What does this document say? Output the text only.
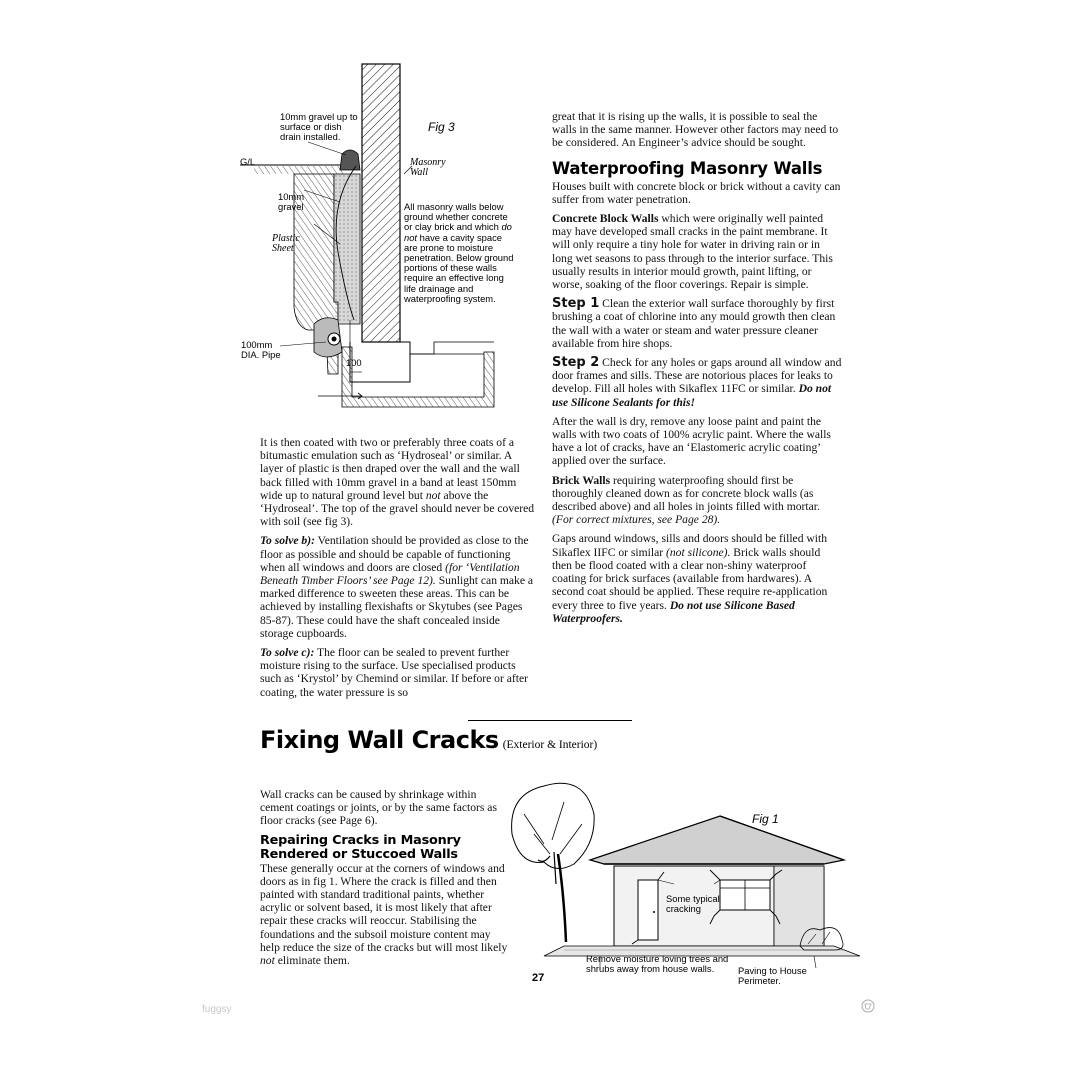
10mm gravel up to surface or dish drain installed.
Fig 3
G/L	Masonry Wall
10mm gravel
Plastic Sheet
100mm DIA. Pipe
100
All masonry walls below ground whether concrete or clay brick and which do not have a cavity space are prone to moisture penetration. Below ground portions of these walls require an effective long life drainage and waterproofing system.

It is then coated with two or preferably three coats of a bitumastic emulation such as ‘Hydroseal’ or similar. A layer of plastic is then draped over the wall and the wall back filled with 10mm gravel in a band at least 150mm wide up to natural ground level but not above the ‘Hydroseal’. The top of the gravel should never be covered with soil (see fig 3).

To solve b): Ventilation should be provided as close to the floor as possible and should be capable of functioning when all windows and doors are closed (for ‘Ventilation Beneath Timber Floors’ see Page 12). Sunlight can make a marked difference to sweeten these areas. This can be achieved by installing flexishafts or Skytubes (see Pages 85-87). These could have the shaft concealed inside storage cupboards.

To solve c): The floor can be sealed to prevent further moisture rising to the surface. Use specialised products such as ‘Krystol’ by Chemind or similar. If before or after coating, the water pressure is so

great that it is rising up the walls, it is possible to seal the walls in the same manner. However other factors may need to be considered. An Engineer’s advice should be sought.

Waterproofing Masonry Walls

Houses built with concrete block or brick without a cavity can suffer from water penetration.

Concrete Block Walls which were originally well painted may have developed small cracks in the paint membrane. It will only require a tiny hole for water in driving rain or in long wet seasons to pass through to the interior surface. This usually results in interior mould growth, paint lifting, or worse, soaking of the floor coverings. Repair is simple.

Step 1 Clean the exterior wall surface thoroughly by first brushing a coat of chlorine into any mould growth then clean the wall with a water or steam and water pressure cleaner available from hire shops.

Step 2 Check for any holes or gaps around all window and door frames and sills. These are notorious places for leaks to develop. Fill all holes with Sikaflex 11FC or similar. Do not use Silicone Sealants for this!

After the wall is dry, remove any loose paint and paint the walls with two coats of 100% acrylic paint. Where the walls have a lot of cracks, have an ‘Elastomeric acrylic coating’ applied over the surface.

Brick Walls requiring waterproofing should first be thoroughly cleaned down as for concrete block walls (as described above) and all holes in joints filled with mortar. (For correct mixtures, see Page 28).

Gaps around windows, sills and doors should be filled with Sikaflex IIFC or similar (not silicone). Brick walls should then be flood coated with a clear non-shiny waterproof coating for brick surfaces (available from hardwares). A second coat should be applied. These require re-application every three to five years. Do not use Silicone Based Waterproofers.

Fixing Wall Cracks (Exterior & Interior)

Wall cracks can be caused by shrinkage within cement coatings or joints, or by the same factors as floor cracks (see Page 6).

Repairing Cracks in Masonry Rendered or Stuccoed Walls

These generally occur at the corners of windows and doors as in fig 1. Where the crack is filled and then painted with standard traditional paints, whether acrylic or solvent based, it is most likely that after repair these cracks will reoccur. Stabilising the foundations and the subsoil moisture content may help reduce the size of the cracks but will most likely not eliminate them.

Fig 1
Some typical cracking
Remove moisture loving trees and shrubs away from house walls.	Paving to House Perimeter.
27
fuggsy
